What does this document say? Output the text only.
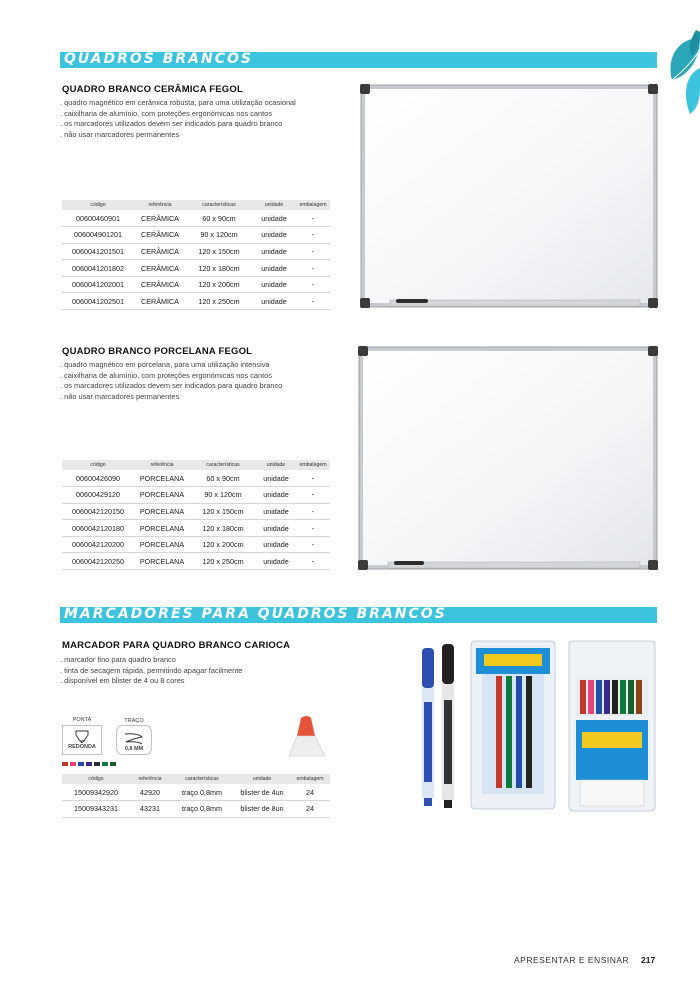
QUADROS BRANCOS
QUADRO BRANCO CERÂMICA FEGOL
. quadro magnético em cerâmica robusta, para uma utilização ocasional
. caixilharia de alumínio, com proteções ergonómicas nos cantos
. os marcadores utilizados devem ser indicados para quadro branco
. não usar marcadores permanentes
código	referência	características	unidade	embalagem
00600460901	CERÂMICA	60 x 90cm	unidade	-
006004901201	CERÂMICA	90 x 120cm	unidade	-
0060041201501	CERÂMICA	120 x 150cm	unidade	-
0060041201802	CERÂMICA	120 x 180cm	unidade	-
0060041202001	CERÂMICA	120 x 200cm	unidade	-
0060041202501	CERÂMICA	120 x 250cm	unidade	-
QUADRO BRANCO PORCELANA FEGOL
. quadro magnético em porcelana, para uma utilização intensiva
. caixilharia de alumínio, com proteções ergonómicas nos cantos
. os marcadores utilizados devem ser indicados para quadro branco
. não usar marcadores permanentes
código	referência	características	unidade	embalagem
00600426090	PORCELANA	60 x 90cm	unidade	-
00600429120	PORCELANA	90 x 120cm	unidade	-
0060042120150	PORCELANA	120 x 150cm	unidade	-
0060042120180	PORCELANA	120 x 180cm	unidade	-
0060042120200	PORCELANA	120 x 200cm	unidade	-
0060042120250	PORCELANA	120 x 250cm	unidade	-
MARCADORES PARA QUADROS BRANCOS
MARCADOR PARA QUADRO BRANCO CARIOCA
. marcador fino para quadro branco
. tinta de secagem rápida, permitindo apagar facilmente
. disponível em blister de 4 ou 8 cores
PONTA
REDONDA
TRAÇO
0,8 MM
código	referência	características	unidade	embalagem
15009342920	42920	traço 0,8mm	blister de 4un	24
15009343231	43231	traço 0,8mm	blister de 8un	24
APRESENTAR E ENSINAR 217
